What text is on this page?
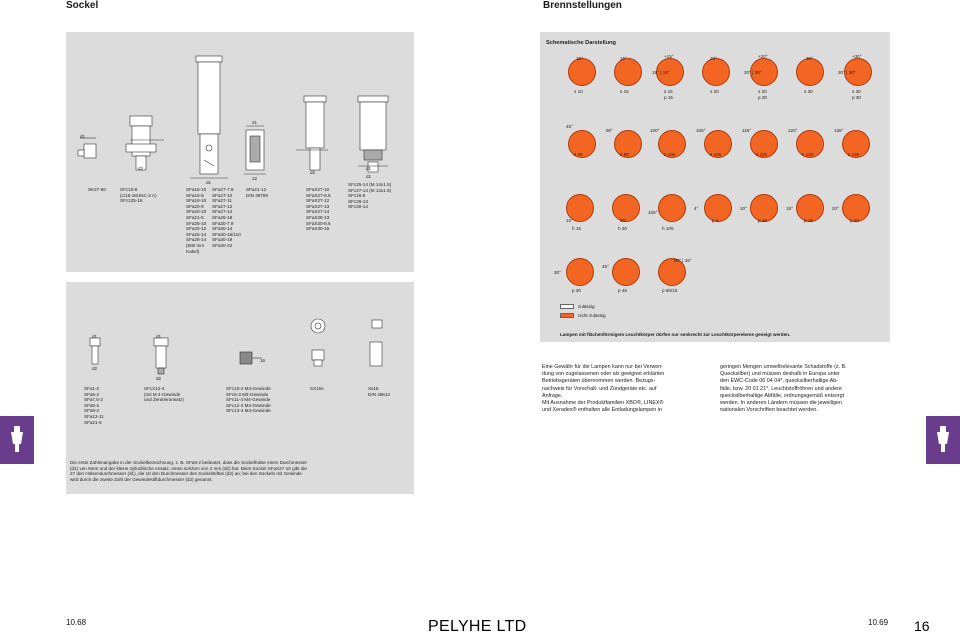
Sockel
d1
d2
d1
21
12
d2
d1
d1
SK27-50	SFc10-8
(c/16-18UNC-2 A)
SFc125-18
SFa15-10
SFa18-8
SFa18-10
SFa20-9
SFa20-10
SFa21-5
SFa25-10
SFa25-12
SFa25-14
SFa28-14
(500 mm
Kabel)
SFa27-7.9
SFa27-10
SFa27-11
SFa27-12
SFa27-14
SFa28-18
SFa30-7.9
SFa30-14
SFa30-15/110
SFa30-19
SFa30-22
SFa21-12
DIN 49759
SFaX27-10
SFaX27-8.5
SFaX27-12
SFaX27-13
SFaX27-14
SFaX28-13
SFaX30-8.6
SFaX30-16
SFc25-14 (M 14x1.5)
SFc27-14 (M 14x1.5)
SFc16-6
SFc26-13
SFc30-14
d1
d2
d1
d2
16
SFa1-2
SFa6-2
SFa7,5-2
SFa8-2
SFa9-2
SFa12-11
SFa21-5
SFcX12-4
(mit M 4-Gewinde
und Zentrieransatz)
SFc10-4 M4-Gewinde
SFc6-3 M3-Gewinde
SFc11-4 M4-Gewinde
SFc12-4 M4-Gewinde
SFc13-4 M4-Gewinde
SX15s	Xs15
DIN 49613
Die erste Zahlenangabe in der Sockelbezeichnung, z. B. SFa9-2 bedeutet, dass die Sockelhülse einen Durchmesser
(d1) von 9mm und der kleine zylindrische Ansatz, einen solchen von 2 mm (d2) hat. Beim Sockel SFaX27-10 gibt die
27 den Hülsendurchmesser (d1), die 10 den Durchmesser des Sockelstiftes (d2) an; bei den Sockeln mit Gewinde
wird durch die zweite Zahl der Gewindestiftdurchmesser (d2) genannt.
Brennstellungen
Schematische Darstellung
15°	15°	+15°	20°	+20°	30°	+30°
15° | 15°	20° | 20°	30° | 30°
s 10	s 15	s 15
p 15
s 20	s 20
p 20
s 30	s 30
p 30
45°
90°	100°	105°	115°	120°	135°
s 45	s 90	s 100	s 105	s 115	s 120	s 135
15°	30°
105°
4°	10°	15°	20°
h 15	h 30	h 105
p 4	p 10	p 15	p 20
30°
45°
90° | 15°
p 30	p 45	p 90/15
zulässig
nicht zulässig
Lampen mit flächenförmigem Leuchtkörper dürfen nur senkrecht zur Leuchtkörperebene geneigt werden.
Eine Gewähr für die Lampen kann nur bei Verwen-
dung von zugelassenen oder als geeignet erklärten
Betriebsgeräten übernommen werden. Bezugs-
nachweis für Vorschalt- und Zündgeräte etc. auf
Anfrage.
Mit Ausnahme der Produktfamilien XBO®, LINEX®
und Xeradex® enthalten alle Entladungslampen in
geringen Mengen umweltrelevante Schadstoffe (z. B.
Quecksilber) und müssen deshalb in Europa unter
den EWC-Code 06 04 04*, quecksilberhaltige Ab-
fälle, bzw. 20 01 21*, Leuchtstoffröhren und andere
quecksilberhaltige Abfälle, ordnungsgemäß entsorgt
werden. In anderen Ländern müssen die jeweiligen
nationalen Vorschriften beachtet werden.
10.68	PELYHE LTD	10.69 16
